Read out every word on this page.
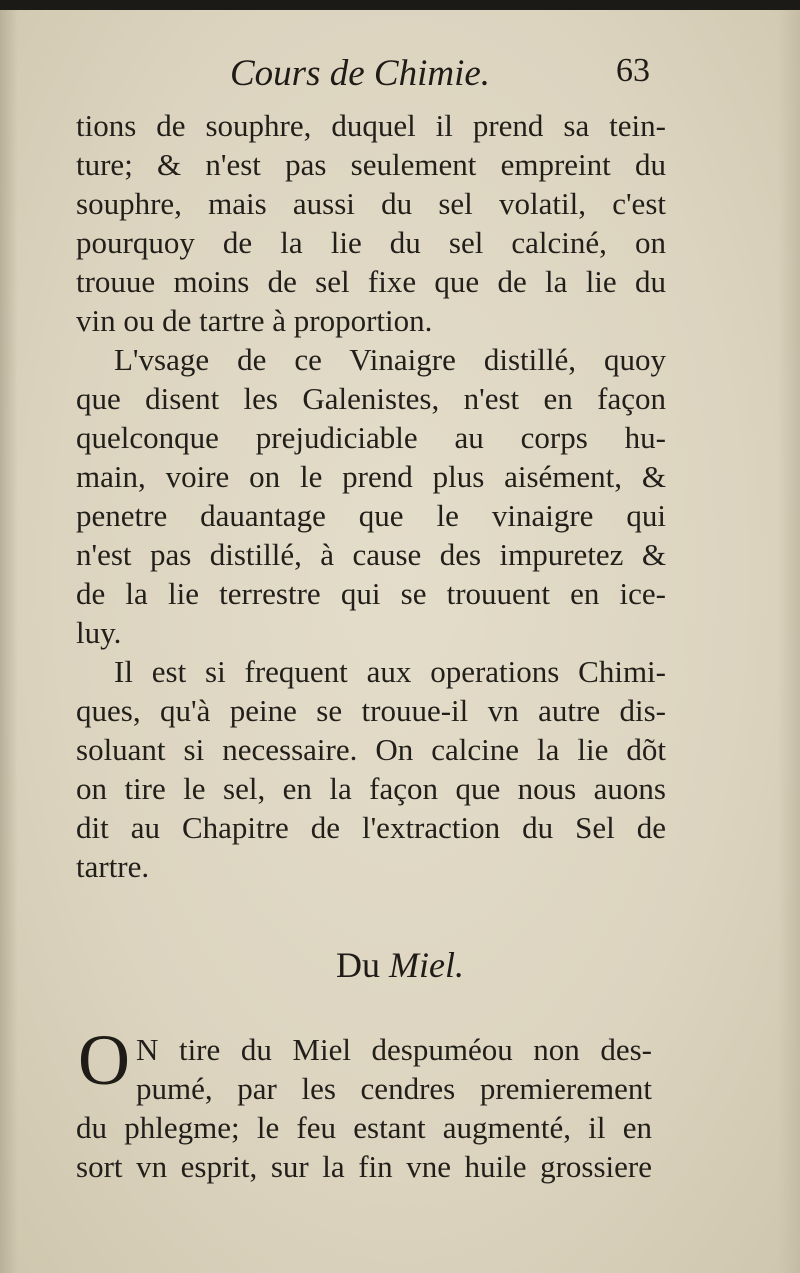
Cours de Chimie.	63
tions de souphre, duquel il prend sa tein-
ture; & n'est pas seulement empreint du
souphre, mais aussi du sel volatil, c'est
pourquoy de la lie du sel calciné, on
trouue moins de sel fixe que de la lie du
vin ou de tartre à proportion.
L'vsage de ce Vinaigre distillé, quoy
que disent les Galenistes, n'est en façon
quelconque prejudiciable au corps hu-
main, voire on le prend plus aisément, &
penetre dauantage que le vinaigre qui
n'est pas distillé, à cause des impuretez &
de la lie terrestre qui se trouuent en ice-
luy.
Il est si frequent aux operations Chimi-
ques, qu'à peine se trouue-il vn autre dis-
soluant si necessaire. On calcine la lie dõt
on tire le sel, en la façon que nous auons
dit au Chapitre de l'extraction du Sel de
tartre.
Du Miel.
O N tire du Miel despuméou non des-
pumé, par les cendres premierement
du phlegme; le feu estant augmenté, il en
sort vn esprit, sur la fin vne huile grossiere
